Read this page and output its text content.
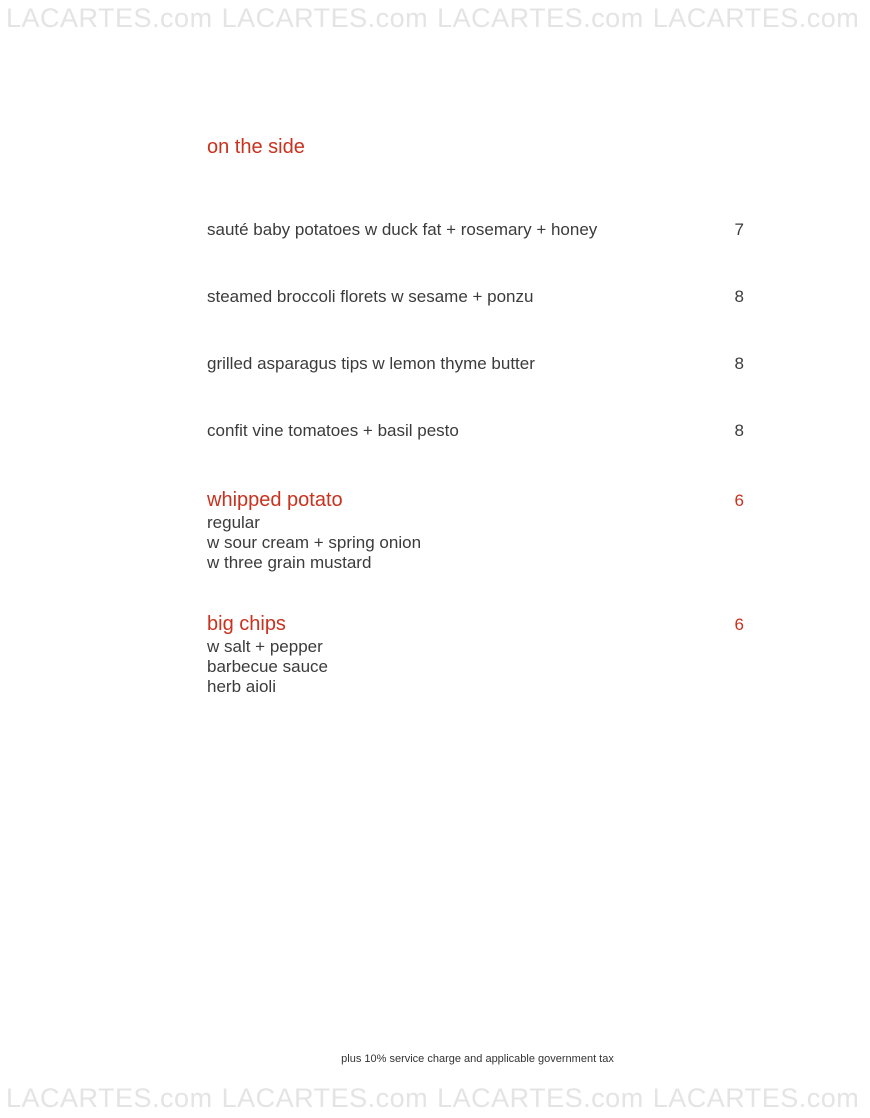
LACARTES.com LACARTES.com LACARTES.com LACARTES.com
on the side
sauté baby potatoes w duck fat + rosemary + honey	7
steamed broccoli florets w sesame + ponzu	8
grilled asparagus tips w lemon thyme butter	8
confit vine tomatoes + basil pesto	8
whipped potato	6
regular
w sour cream + spring onion
w three grain mustard
big chips	6
w salt + pepper
barbecue sauce
herb aioli
plus 10% service charge and applicable government tax
LACARTES.com LACARTES.com LACARTES.com LACARTES.com
